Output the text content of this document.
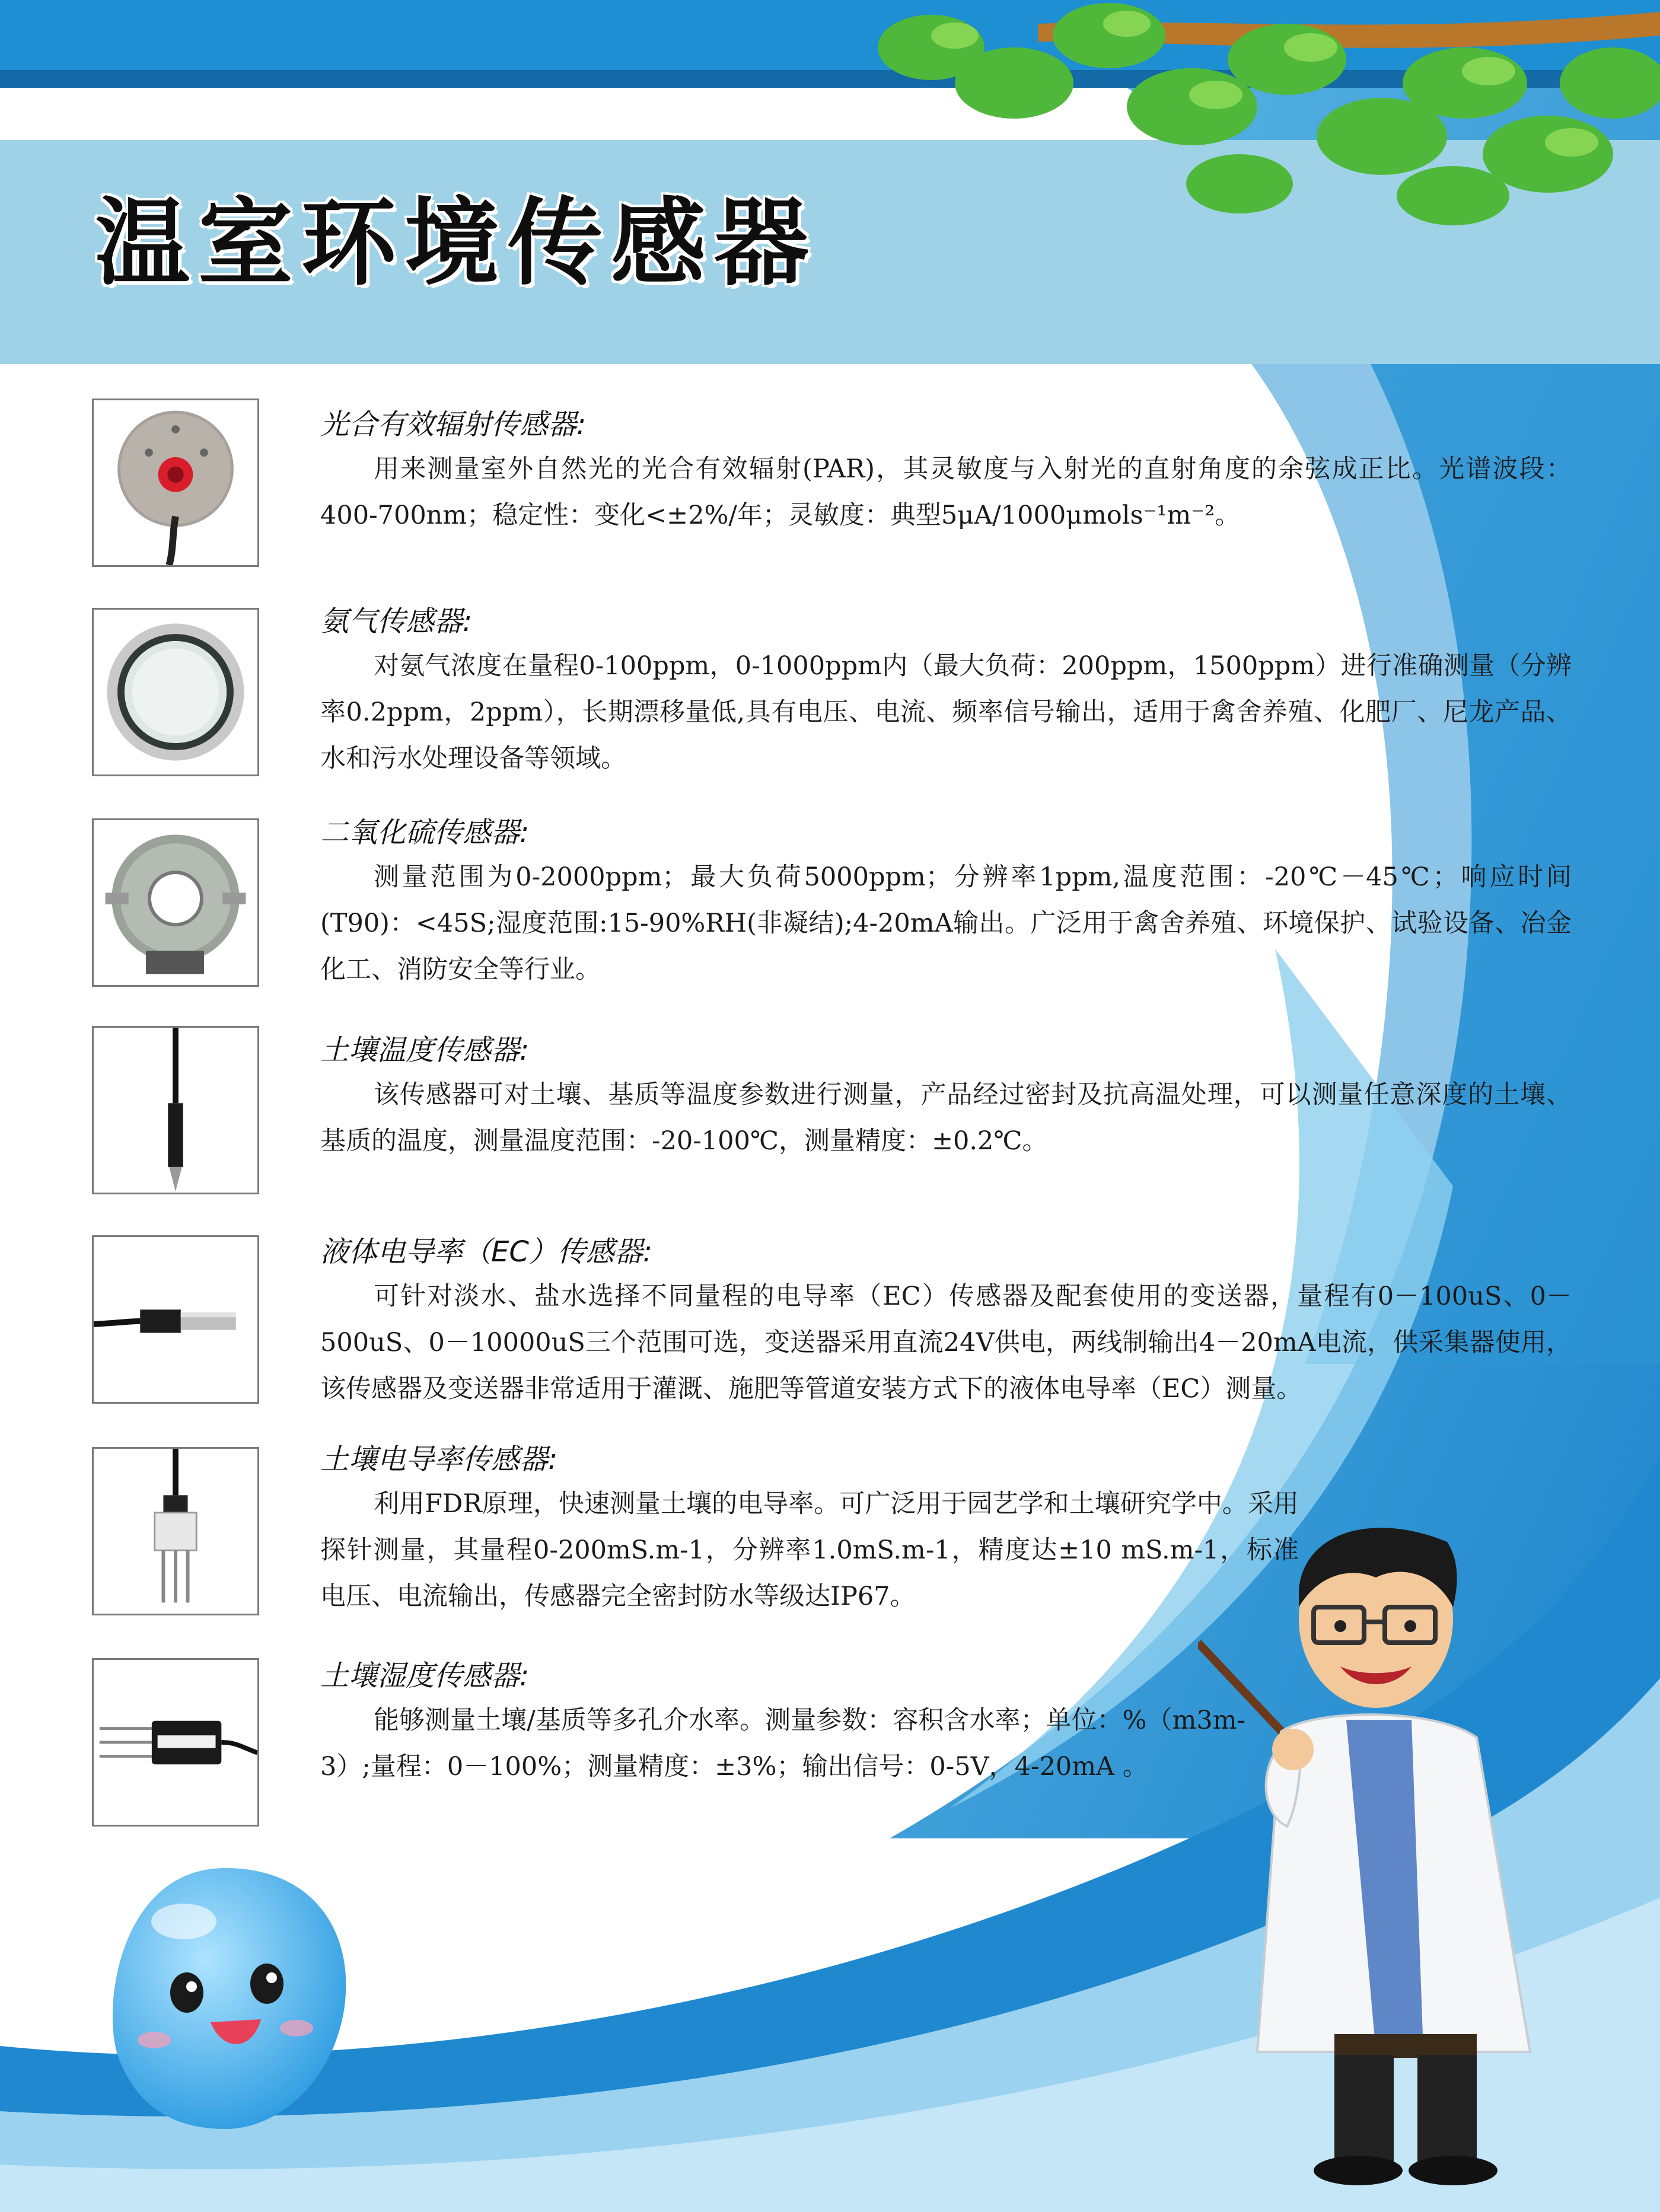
温室环境传感器
光合有效辐射传感器:

用来测量室外自然光的光合有效辐射(PAR)，其灵敏度与入射光的直射角度的余弦成正比。光谱波段：400-700nm；稳定性：变化<±2%/年；灵敏度：典型5μA/1000μmols⁻¹m⁻²。

氨气传感器:

对氨气浓度在量程0-100ppm，0-1000ppm内（最大负荷：200ppm，1500ppm）进行准确测量（分辨率0.2ppm，2ppm），长期漂移量低,具有电压、电流、频率信号输出，适用于禽舍养殖、化肥厂、尼龙产品、水和污水处理设备等领域。

二氧化硫传感器:

测量范围为0-2000ppm；最大负荷5000ppm；分辨率1ppm,温度范围：-20℃－45℃；响应时间(T90)：<45S;湿度范围:15-90%RH(非凝结);4-20mA输出。广泛用于禽舍养殖、环境保护、试验设备、冶金化工、消防安全等行业。

土壤温度传感器:

该传感器可对土壤、基质等温度参数进行测量，产品经过密封及抗高温处理，可以测量任意深度的土壤、基质的温度，测量温度范围：-20-100℃，测量精度：±0.2℃。

液体电导率（EC）传感器:

可针对淡水、盐水选择不同量程的电导率（EC）传感器及配套使用的变送器，量程有0－100uS、0－500uS、0－10000uS三个范围可选，变送器采用直流24V供电，两线制输出4－20mA电流，供采集器使用，该传感器及变送器非常适用于灌溉、施肥等管道安装方式下的液体电导率（EC）测量。

土壤电导率传感器:

利用FDR原理，快速测量土壤的电导率。可广泛用于园艺学和土壤研究学中。采用探针测量，其量程0-200mS.m-1，分辨率1.0mS.m-1，精度达±10 mS.m-1，标准电压、电流输出，传感器完全密封防水等级达IP67。

土壤湿度传感器:

能够测量土壤/基质等多孔介水率。测量参数：容积含水率；单位：%（m3m-3）;量程：0－100%；测量精度：±3%；输出信号：0-5V，4-20mA 。
